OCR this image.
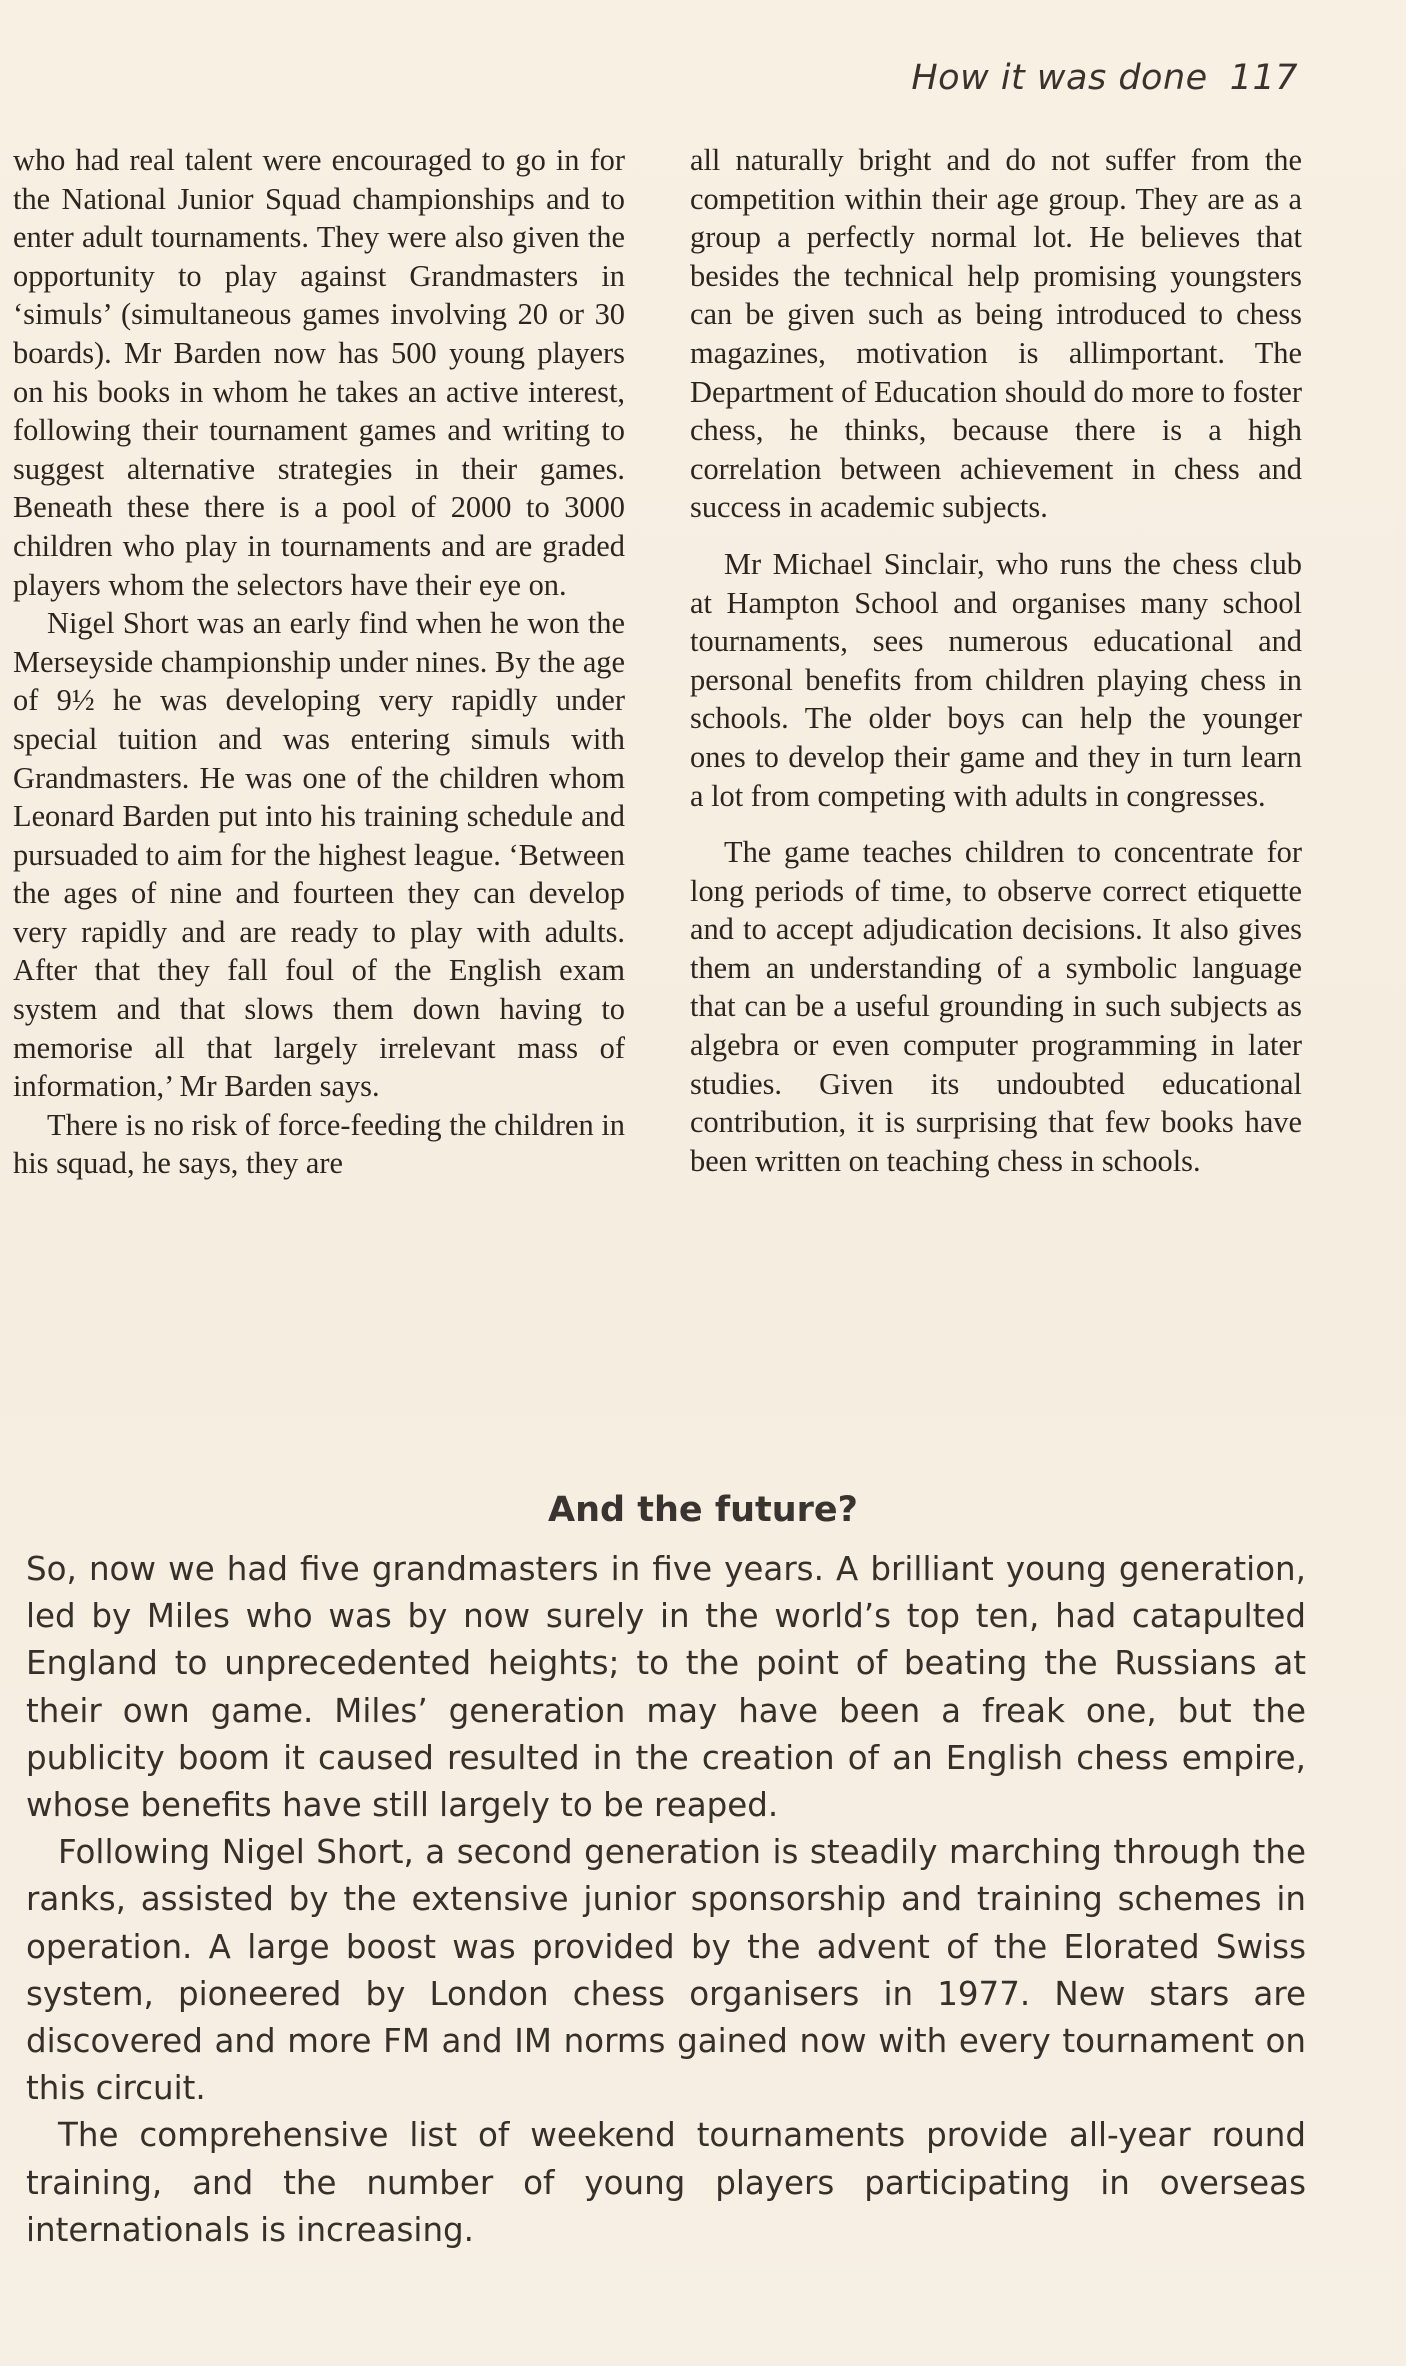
How it was done 117

who had real talent were encouraged to go in for the National Junior Squad championships and to enter adult tournaments. They were also given the opportunity to play against Grandmasters in ‘simuls’ (simultaneous games involving 20 or 30 boards). Mr Barden now has 500 young players on his books in whom he takes an active interest, following their tournament games and writing to suggest alternative strategies in their games. Beneath these there is a pool of 2000 to 3000 children who play in tournaments and are graded players whom the selectors have their eye on.

Nigel Short was an early find when he won the Merseyside championship under nines. By the age of 9½ he was developing very rapidly under special tuition and was entering simuls with Grandmasters. He was one of the children whom Leonard Barden put into his training schedule and pursuaded to aim for the highest league. ‘Between the ages of nine and fourteen they can develop very rapidly and are ready to play with adults. After that they fall foul of the English exam system and that slows them down having to memorise all that largely irrelevant mass of information,’ Mr Barden says.

There is no risk of force-feeding the children in his squad, he says, they are

all naturally bright and do not suffer from the competition within their age group. They are as a group a perfectly normal lot. He believes that besides the technical help promising youngsters can be given such as being introduced to chess magazines, motivation is allimportant. The Department of Education should do more to foster chess, he thinks, because there is a high correlation between achievement in chess and success in academic subjects.

Mr Michael Sinclair, who runs the chess club at Hampton School and organises many school tournaments, sees numerous educational and personal benefits from children playing chess in schools. The older boys can help the younger ones to develop their game and they in turn learn a lot from competing with adults in congresses.

The game teaches children to concentrate for long periods of time, to observe correct etiquette and to accept adjudication decisions. It also gives them an understanding of a symbolic language that can be a useful grounding in such subjects as algebra or even computer programming in later studies. Given its undoubted educational contribution, it is surprising that few books have been written on teaching chess in schools.

And the future?

So, now we had five grandmasters in five years. A brilliant young generation, led by Miles who was by now surely in the world’s top ten, had catapulted England to unprecedented heights; to the point of beating the Russians at their own game. Miles’ generation may have been a freak one, but the publicity boom it caused resulted in the creation of an English chess empire, whose benefits have still largely to be reaped.

Following Nigel Short, a second generation is steadily marching through the ranks, assisted by the extensive junior sponsorship and training schemes in operation. A large boost was provided by the advent of the Elorated Swiss system, pioneered by London chess organisers in 1977. New stars are discovered and more FM and IM norms gained now with every tournament on this circuit.

The comprehensive list of weekend tournaments provide all-year round training, and the number of young players participating in overseas internationals is increasing.
